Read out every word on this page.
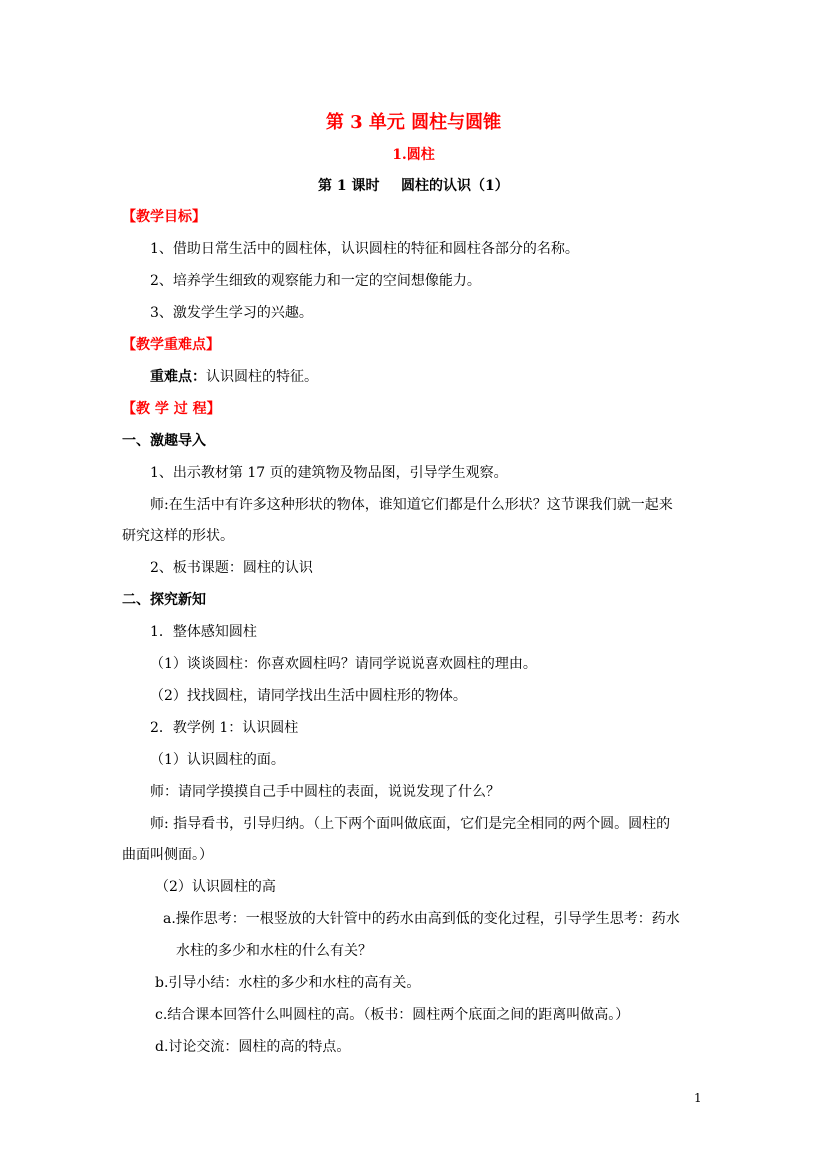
第 3 单元 圆柱与圆锥
1.圆柱
第 1 课时 圆柱的认识（1）
【教学目标】
1、借助日常生活中的圆柱体，认识圆柱的特征和圆柱各部分的名称。
2、培养学生细致的观察能力和一定的空间想像能力。
3、激发学生学习的兴趣。
【教学重难点】
重难点：认识圆柱的特征。
【教 学 过 程】
一、激趣导入
1、出示教材第 17 页的建筑物及物品图，引导学生观察。
师:在生活中有许多这种形状的物体，谁知道它们都是什么形状？这节课我们就一起来
研究这样的形状。
2、板书课题：圆柱的认识
二、探究新知
1．整体感知圆柱
（1）谈谈圆柱：你喜欢圆柱吗？请同学说说喜欢圆柱的理由。
（2）找找圆柱，请同学找出生活中圆柱形的物体。
2．教学例 1：认识圆柱
（1）认识圆柱的面。
师：请同学摸摸自己手中圆柱的表面，说说发现了什么？
师: 指导看书，引导归纳。（上下两个面叫做底面，它们是完全相同的两个圆。圆柱的
曲面叫侧面。）
（2）认识圆柱的高
a.操作思考：一根竖放的大针管中的药水由高到低的变化过程，引导学生思考：药水
水柱的多少和水柱的什么有关？
b.引导小结：水柱的多少和水柱的高有关。
c.结合课本回答什么叫圆柱的高。（板书：圆柱两个底面之间的距离叫做高。）
d.讨论交流：圆柱的高的特点。
1
